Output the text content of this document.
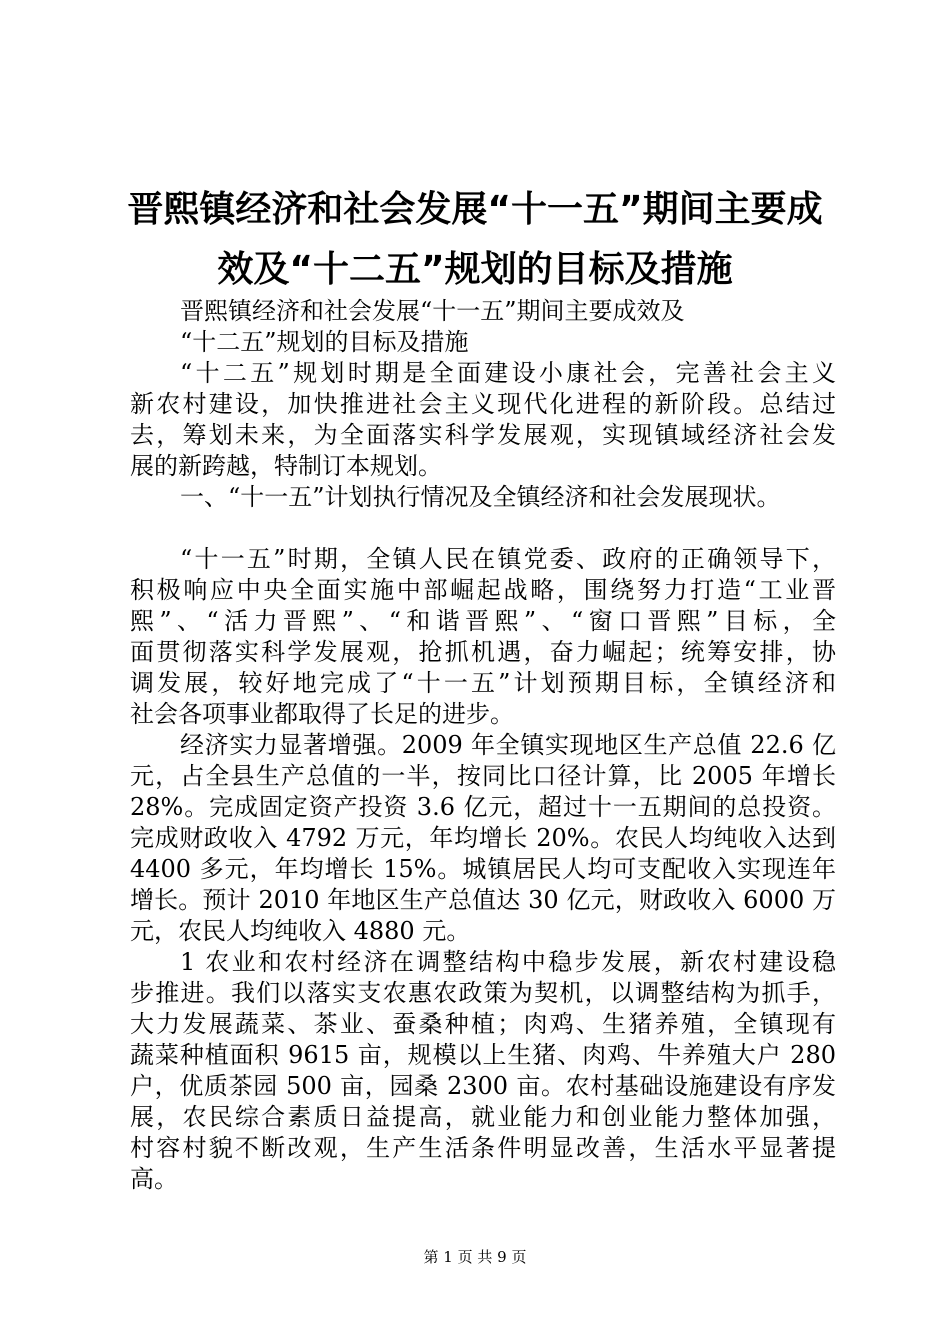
晋熙镇经济和社会发展“十一五”期间主要成
效及“十二五”规划的目标及措施
晋熙镇经济和社会发展“十一五”期间主要成效及
“十二五”规划的目标及措施
“十二五”规划时期是全面建设小康社会，完善社会主义
新农村建设，加快推进社会主义现代化进程的新阶段。总结过
去，筹划未来，为全面落实科学发展观，实现镇域经济社会发
展的新跨越，特制订本规划。
一、“十一五”计划执行情况及全镇经济和社会发展现状。
“十一五”时期，全镇人民在镇党委、政府的正确领导下，
积极响应中央全面实施中部崛起战略，围绕努力打造“工业晋
熙”、“活力晋熙”、“和谐晋熙”、“窗口晋熙”目标，全
面贯彻落实科学发展观，抢抓机遇，奋力崛起；统筹安排，协
调发展，较好地完成了“十一五”计划预期目标，全镇经济和
社会各项事业都取得了长足的进步。
经济实力显著增强。2009 年全镇实现地区生产总值 22.6 亿
元，占全县生产总值的一半，按同比口径计算，比 2005 年增长
28%。完成固定资产投资 3.6 亿元，超过十一五期间的总投资。
完成财政收入 4792 万元，年均增长 20%。农民人均纯收入达到
4400 多元，年均增长 15%。城镇居民人均可支配收入实现连年
增长。预计 2010 年地区生产总值达 30 亿元，财政收入 6000 万
元，农民人均纯收入 4880 元。
1 农业和农村经济在调整结构中稳步发展，新农村建设稳
步推进。我们以落实支农惠农政策为契机，以调整结构为抓手，
大力发展蔬菜、茶业、蚕桑种植；肉鸡、生猪养殖，全镇现有
蔬菜种植面积 9615 亩，规模以上生猪、肉鸡、牛养殖大户 280
户，优质茶园 500 亩，园桑 2300 亩。农村基础设施建设有序发
展，农民综合素质日益提高，就业能力和创业能力整体加强，
村容村貌不断改观，生产生活条件明显改善，生活水平显著提
高。
第 1 页 共 9 页
